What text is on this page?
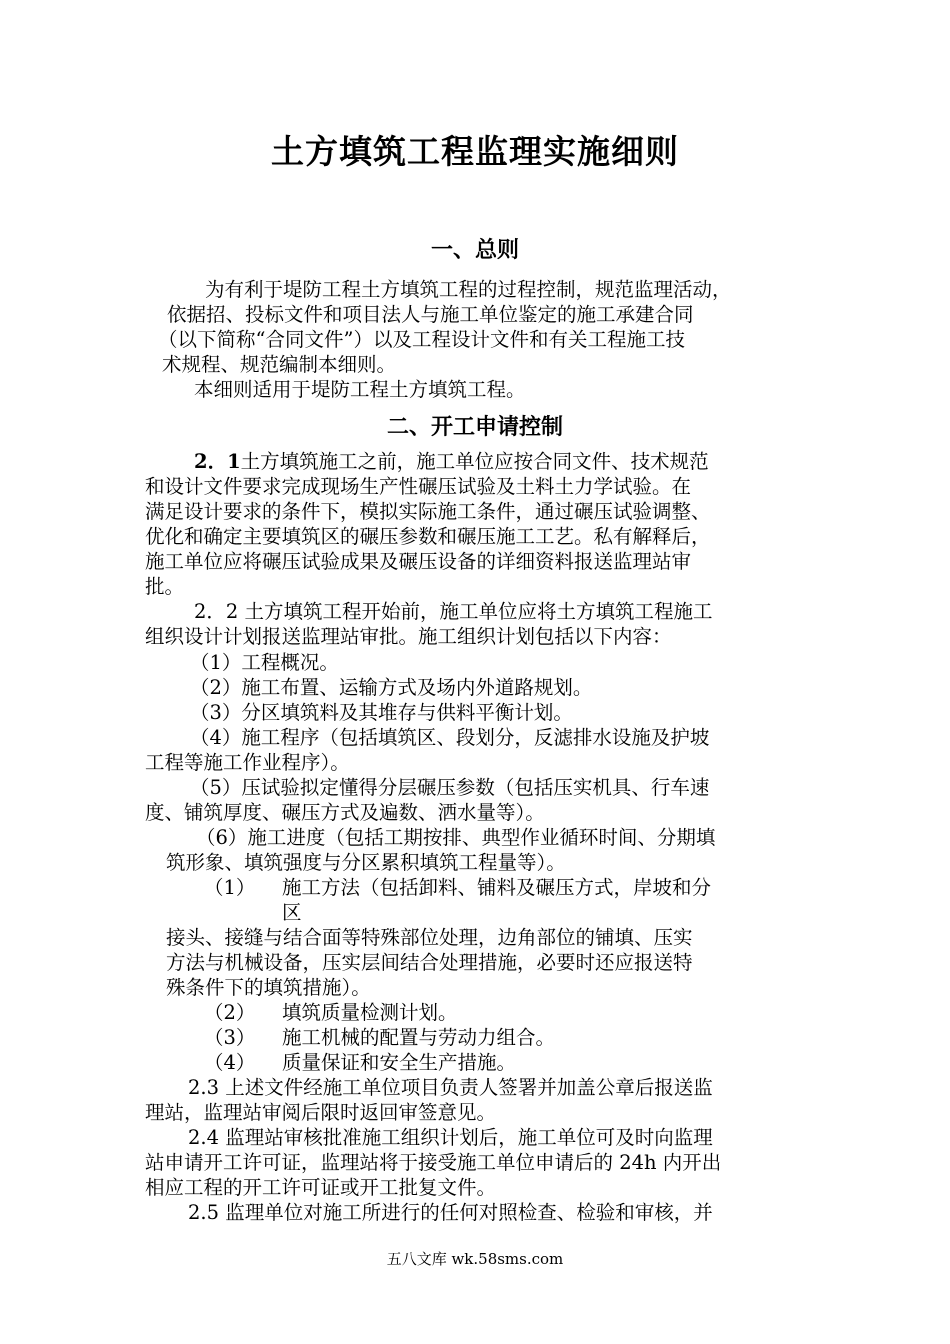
土方填筑工程监理实施细则
一、总则
为有利于堤防工程土方填筑工程的过程控制，规范监理活动，
依据招、投标文件和项目法人与施工单位鉴定的施工承建合同
（以下简称“合同文件”）以及工程设计文件和有关工程施工技
术规程、规范编制本细则。
本细则适用于堤防工程土方填筑工程。
二、开工申请控制
2．1土方填筑施工之前，施工单位应按合同文件、技术规范
和设计文件要求完成现场生产性碾压试验及土料土力学试验。在
满足设计要求的条件下，模拟实际施工条件，通过碾压试验调整、
优化和确定主要填筑区的碾压参数和碾压施工工艺。私有解释后，
施工单位应将碾压试验成果及碾压设备的详细资料报送监理站审
批。
2．2 土方填筑工程开始前，施工单位应将土方填筑工程施工
组织设计计划报送监理站审批。施工组织计划包括以下内容：
（1）工程概况。
（2）施工布置、运输方式及场内外道路规划。
（3）分区填筑料及其堆存与供料平衡计划。
（4）施工程序（包括填筑区、段划分，反滤排水设施及护坡
工程等施工作业程序）。
（5）压试验拟定懂得分层碾压参数（包括压实机具、行车速
度、铺筑厚度、碾压方式及遍数、洒水量等）。
（6）施工进度（包括工期按排、典型作业循环时间、分期填
筑形象、填筑强度与分区累积填筑工程量等）。
（1） 施工方法（包括卸料、铺料及碾压方式，岸坡和分
区
接头、接缝与结合面等特殊部位处理，边角部位的铺填、压实
方法与机械设备，压实层间结合处理措施，必要时还应报送特
殊条件下的填筑措施）。
（2） 填筑质量检测计划。
（3） 施工机械的配置与劳动力组合。
（4） 质量保证和安全生产措施。
2.3 上述文件经施工单位项目负责人签署并加盖公章后报送监
理站，监理站审阅后限时返回审签意见。
2.4 监理站审核批准施工组织计划后，施工单位可及时向监理
站申请开工许可证，监理站将于接受施工单位申请后的 24h 内开出
相应工程的开工许可证或开工批复文件。
2.5 监理单位对施工所进行的任何对照检查、检验和审核，并
五八文库 wk.58sms.com
